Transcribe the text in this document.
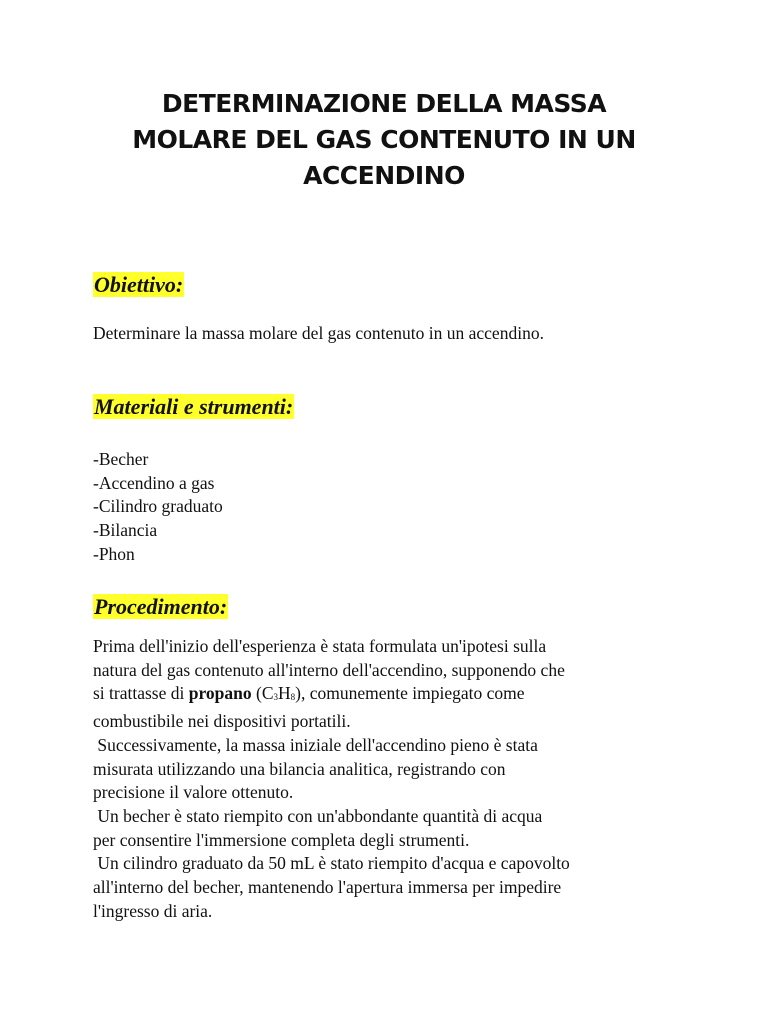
DETERMINAZIONE DELLA MASSA
MOLARE DEL GAS CONTENUTO IN UN
ACCENDINO
Obiettivo:
Determinare la massa molare del gas contenuto in un accendino.
Materiali e strumenti:
-Becher
-Accendino a gas
-Cilindro graduato
-Bilancia
-Phon
Procedimento:
Prima dell'inizio dell'esperienza è stata formulata un'ipotesi sulla
natura del gas contenuto all'interno dell'accendino, supponendo che
si trattasse di propano (C3H8), comunemente impiegato come
combustibile nei dispositivi portatili.
Successivamente, la massa iniziale dell'accendino pieno è stata
misurata utilizzando una bilancia analitica, registrando con
precisione il valore ottenuto.
Un becher è stato riempito con un'abbondante quantità di acqua
per consentire l'immersione completa degli strumenti.
Un cilindro graduato da 50 mL è stato riempito d'acqua e capovolto
all'interno del becher, mantenendo l'apertura immersa per impedire
l'ingresso di aria.
